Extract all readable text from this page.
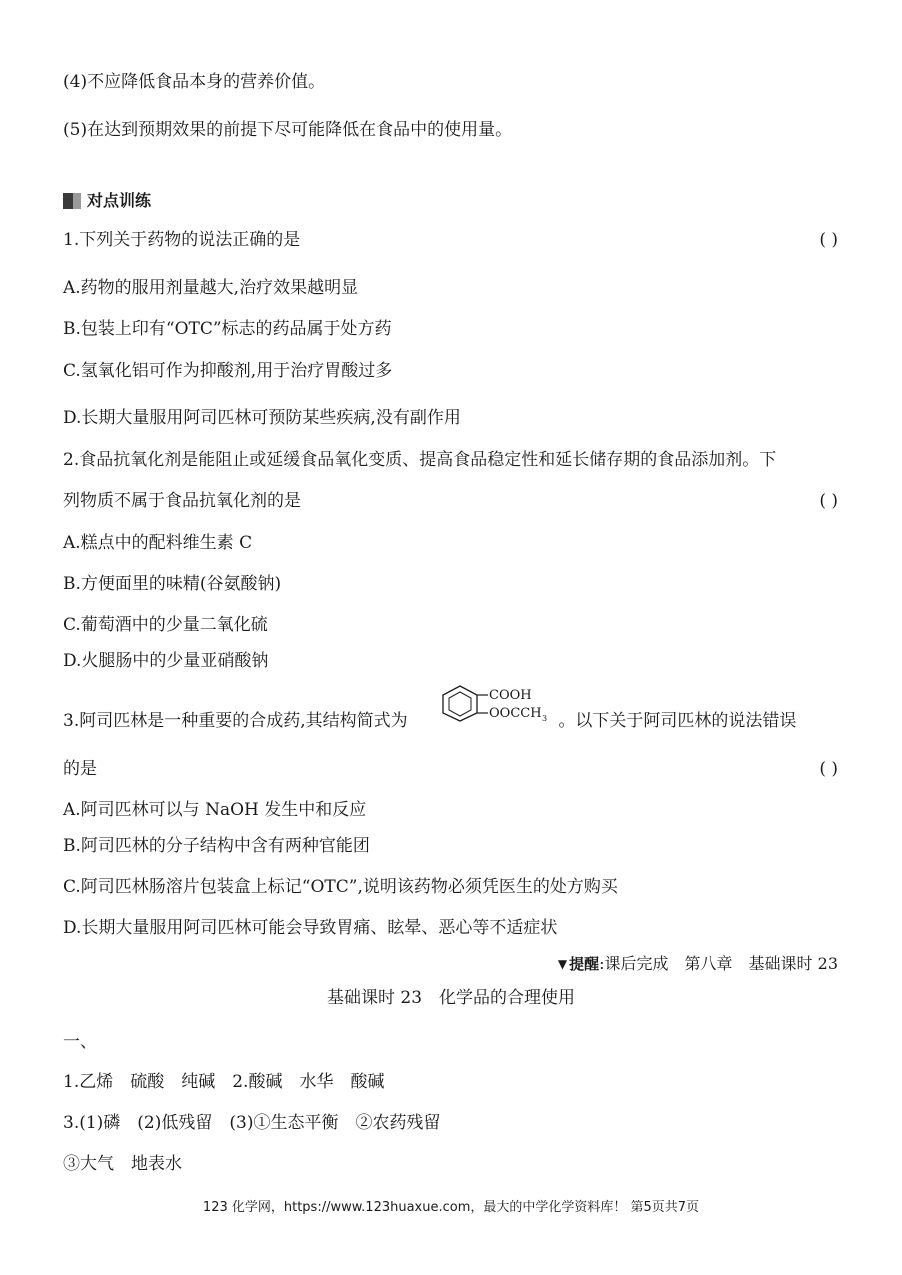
(4)不应降低食品本身的营养价值。
(5)在达到预期效果的前提下尽可能降低在食品中的使用量。
对点训练
1.下列关于药物的说法正确的是	( )
A.药物的服用剂量越大,治疗效果越明显
B.包装上印有“OTC”标志的药品属于处方药
C.氢氧化铝可作为抑酸剂,用于治疗胃酸过多
D.长期大量服用阿司匹林可预防某些疾病,没有副作用
2.食品抗氧化剂是能阻止或延缓食品氧化变质、提高食品稳定性和延长储存期的食品添加剂。下
列物质不属于食品抗氧化剂的是	( )
A.糕点中的配料维生素 C
B.方便面里的味精(谷氨酸钠)
C.葡萄酒中的少量二氧化硫
D.火腿肠中的少量亚硝酸钠
3.阿司匹林是一种重要的合成药,其结构简式为	。以下关于阿司匹林的说法错误
COOH
OOCCH 3
的是	( )
A.阿司匹林可以与 NaOH 发生中和反应
B.阿司匹林的分子结构中含有两种官能团
C.阿司匹林肠溶片包装盒上标记“OTC”,说明该药物必须凭医生的处方购买
D.长期大量服用阿司匹林可能会导致胃痛、眩晕、恶心等不适症状
▼ 提醒 :课后完成　第八章　基础课时 23
基础课时 23　化学品的合理使用
一、
1.乙烯　硫酸　纯碱　2.酸碱　水华　酸碱
3.(1)磷　(2)低残留　(3)①生态平衡　②农药残留
③大气　地表水
123 化学网，https://www.123huaxue.com，最大的中学化学资料库！ 第5页共7页
